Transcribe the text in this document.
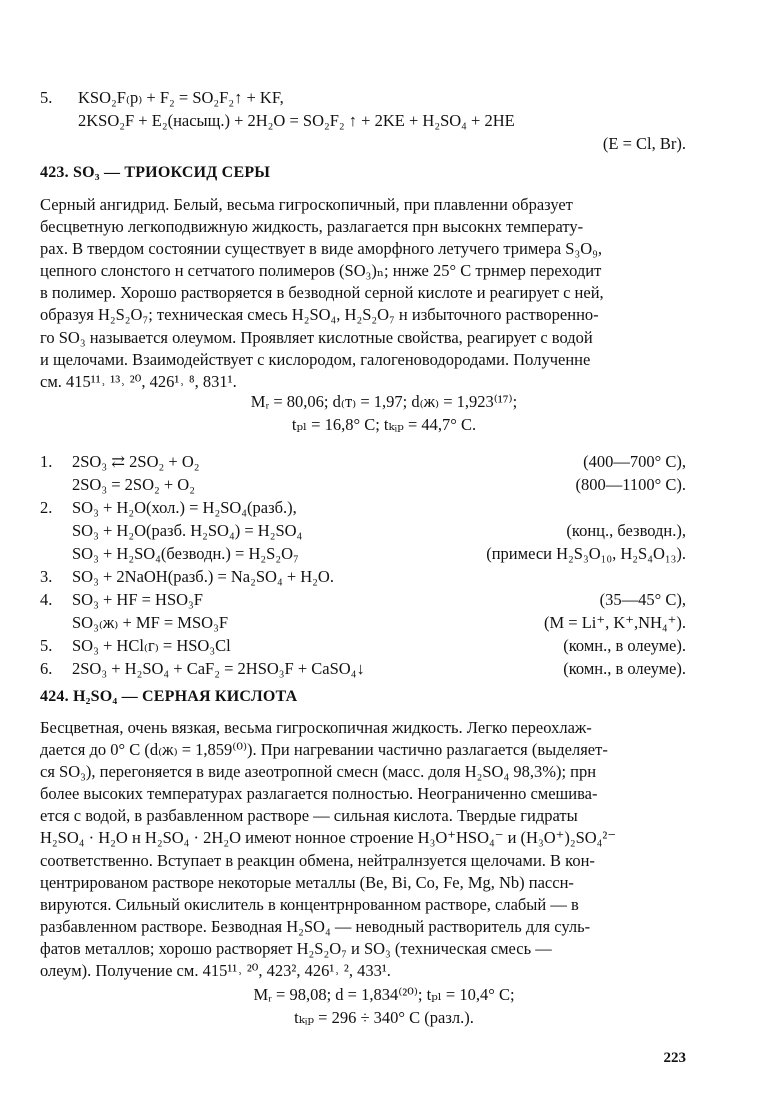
5. KSO₂F₍р₎ + F₂ = SO₂F₂↑ + KF,
2KSO₂F + E₂(насыщ.) + 2H₂O = SO₂F₂ ↑ + 2KE + H₂SO₄ + 2HE
(E = Cl, Br).
423. SO₃ — ТРИОКСИД СЕРЫ
Серный ангидрид. Белый, весьма гигроскопичный, при плавленни образует
бесцветную легкоподвижную жидкость, разлагается прн высокнх температу-
рах. В твердом состоянии существует в виде аморфного летучего тримера S₃O₉,
цепного слонстого н сетчатого полимеров (SO₃)ₙ; ннже 25° С трнмер переходит
в полимер. Хорошо растворяется в безводной серной кислоте и реагирует с ней,
образуя H₂S₂O₇; техническая смесь H₂SO₄, H₂S₂O₇ н избыточного растворенно-
го SO₃ называется олеумом. Проявляет кислотные свойства, реагирует с водой
и щелочами. Взаимодействует с кислородом, галогеноводородами. Полученне
см. 415¹¹˒ ¹³˒ ²⁰, 426¹˒ ⁸, 831¹.
Mᵣ = 80,06; d₍т₎ = 1,97; d₍ж₎ = 1,923⁽¹⁷⁾;
tₚₗ = 16,8° C; tₖᵢₚ = 44,7° C.
1. 2SO₃ ⇄ 2SO₂ + O₂	(400—700° C),
2SO₃ = 2SO₂ + O₂	(800—1100° C).
2. SO₃ + H₂O(хол.) = H₂SO₄(разб.),
SO₃ + H₂O(разб. H₂SO₄) = H₂SO₄	(конц., безводн.),
SO₃ + H₂SO₄(безводн.) = H₂S₂O₇	(примеси H₂S₃O₁₀, H₂S₄O₁₃).
3. SO₃ + 2NaOH(разб.) = Na₂SO₄ + H₂O.
4. SO₃ + HF = HSO₃F	(35—45° C),
SO₃₍ж₎ + MF = MSO₃F	(M = Li⁺, K⁺,NH₄⁺).
5. SO₃ + HCl₍г₎ = HSO₃Cl	(комн., в олеуме).
6. 2SO₃ + H₂SO₄ + CaF₂ = 2HSO₃F + CaSO₄↓	(комн., в олеуме).
424. H₂SO₄ — СЕРНАЯ КИСЛОТА
Бесцветная, очень вязкая, весьма гигроскопичная жидкость. Легко переохлаж-
дается до 0° С (d₍ж₎ = 1,859⁽⁰⁾). При нагревании частично разлагается (выделяет-
ся SO₃), перегоняется в виде азеотропной смесн (масс. доля H₂SO₄ 98,3%); прн
более высоких температурах разлагается полностью. Неограниченно смешива-
ется с водой, в разбавленном растворе — сильная кислота. Твердые гидраты
H₂SO₄ · H₂O н H₂SO₄ · 2H₂O имеют нонное строение H₃O⁺HSO₄⁻ и (H₃O⁺)₂SO₄²⁻
соответственно. Вступает в реакцин обмена, нейтралнзуется щелочами. В кон-
центрированом растворе некоторые металлы (Be, Bi, Co, Fe, Mg, Nb) пассн-
вируются. Сильный окислитель в концентрнрованном растворе, слабый — в
разбавленном растворе. Безводная H₂SO₄ — неводный растворитель для суль-
фатов металлов; хорошо растворяет H₂S₂O₇ и SO₃ (техническая смесь —
олеум). Получение см. 415¹¹˒ ²⁰, 423², 426¹˒ ², 433¹.
Mᵣ = 98,08; d = 1,834⁽²⁰⁾; tₚₗ = 10,4° C;
tₖᵢₚ = 296 ÷ 340° C (разл.).
223
